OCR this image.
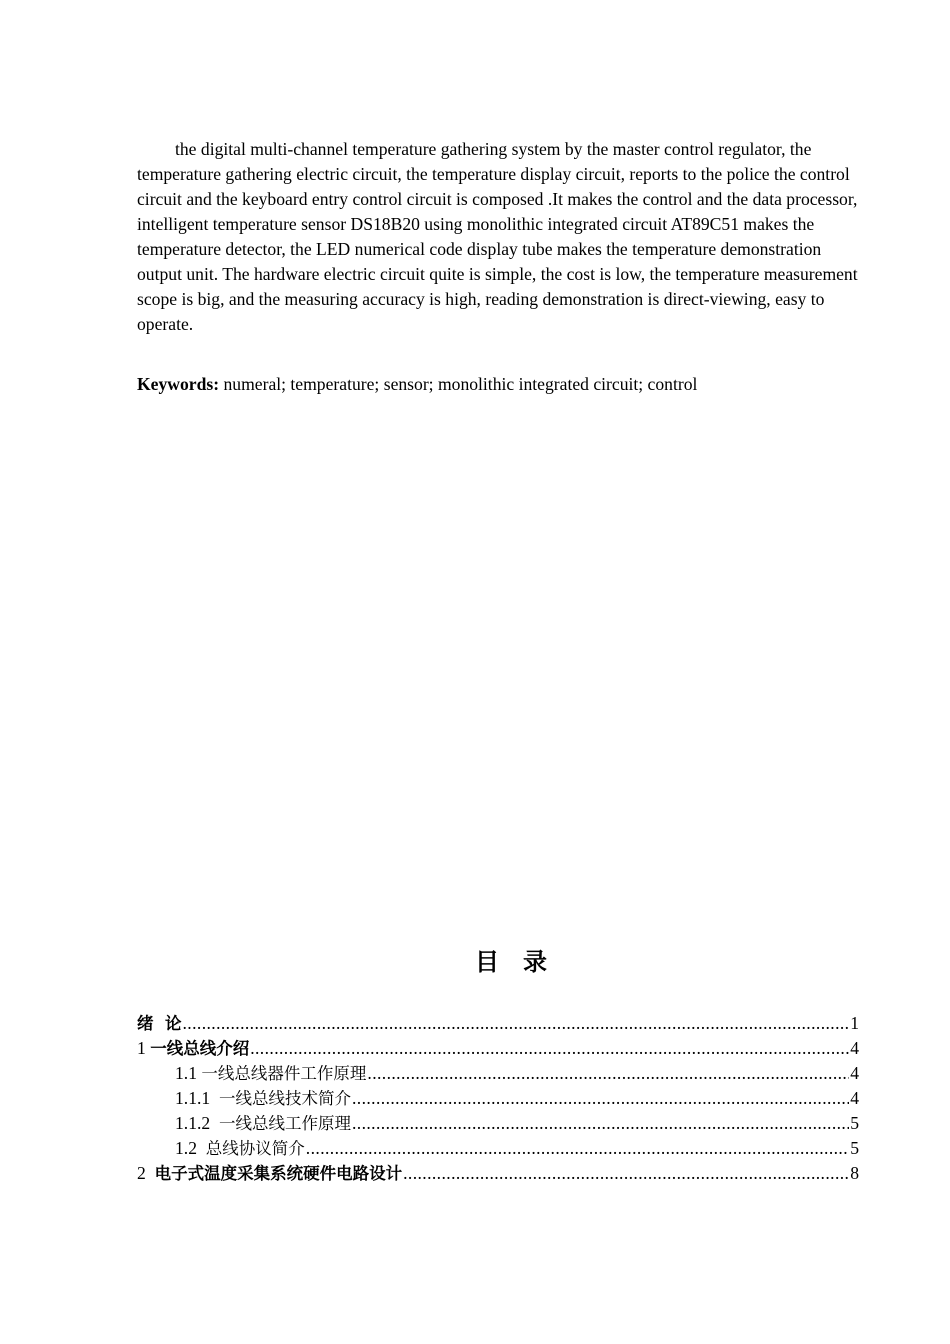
the digital multi-channel temperature gathering system by the master control regulator, the temperature gathering electric circuit, the temperature display circuit, reports to the police the control circuit and the keyboard entry control circuit is composed .It makes the control and the data processor, intelligent temperature sensor DS18B20 using monolithic integrated circuit AT89C51 makes the temperature detector, the LED numerical code display tube makes the temperature demonstration output unit. The hardware electric circuit quite is simple, the cost is low, the temperature measurement scope is big, and the measuring accuracy is high, reading demonstration is direct-viewing, easy to operate.

Keywords: numeral; temperature; sensor; monolithic integrated circuit; control

目录
绪  论 .....	1
1 一线总线介绍 .....	4
1.1 一线总线器件工作原理 .....	4
1.1.1 一线总线技术简介 .....	4
1.1.2 一线总线工作原理 .....	5
1.2 总线协议简介 .....	5
2 电子式温度采集系统硬件电路设计 .....	8
